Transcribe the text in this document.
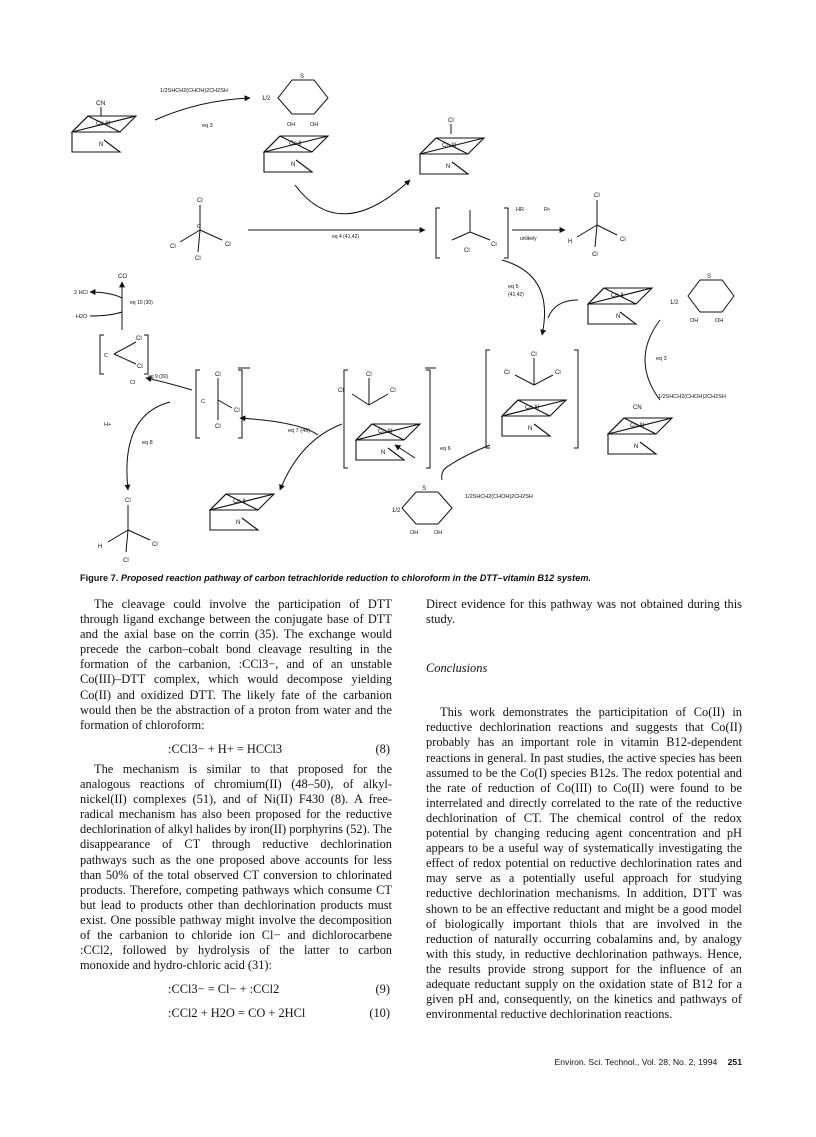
CN
Co III
N
1/2SHCH2(CHOH)2CH2SH
eq 3
1/2
S
OH	OH
Co II
N
Cl
Co III
N
Cl
Cl	Cl
Cl
C
eq 4 (41,42)
Cl
Cl
HR	R•
unlikely
Cl
H	Cl
Cl
eq 5
(41,42)	Co II
N
1/2
S
OH	OH
eq 3
1/2SHCH2(CHOH)2CH2SH
CN
Co III
N
Cl
Cl	Cl
Co III
N
eq 6
1/2SHCH2(CHOH)2CH2SH
1/2
S
OH	OH
Cl
Cl	Cl
Co III
N
eq 7 (49)
Co II
N
Cl
Cl
Cl
C
Cl
eq 9 (30)
Cl
Cl
C
CO
eq 10 (30)
2 HCl
H2O
H+
eq 8
Cl
H	Cl
Cl
Figure 7. Proposed reaction pathway of carbon tetrachloride reduction to chloroform in the DTT–vitamin B12 system.

The cleavage could involve the participation of DTT through ligand exchange between the conjugate base of DTT and the axial base on the corrin (35). The exchange would precede the carbon–cobalt bond cleavage resulting in the formation of the carbanion, :CCl3−, and of an unstable Co(III)–DTT complex, which would decompose yielding Co(II) and oxidized DTT. The likely fate of the carbanion would then be the abstraction of a proton from water and the formation of chloroform:

:CCl3− + H+ = HCCl3	(8)

The mechanism is similar to that proposed for the analogous reactions of chromium(II) (48–50), of alkyl-nickel(II) complexes (51), and of Ni(II) F430 (8). A free-radical mechanism has also been proposed for the reductive dechlorination of alkyl halides by iron(II) porphyrins (52). The disappearance of CT through reductive dechlorination pathways such as the one proposed above accounts for less than 50% of the total observed CT conversion to chlorinated products. Therefore, competing pathways which consume CT but lead to products other than dechlorination products must exist. One possible pathway might involve the decomposition of the carbanion to chloride ion Cl− and dichlorocarbene :CCl2, followed by hydrolysis of the latter to carbon monoxide and hydro-chloric acid (31):

:CCl3− = Cl− + :CCl2	(9)
:CCl2 + H2O = CO + 2HCl	(10)

Direct evidence for this pathway was not obtained during this study.

Conclusions

This work demonstrates the participitation of Co(II) in reductive dechlorination reactions and suggests that Co(II) probably has an important role in vitamin B12-dependent reactions in general. In past studies, the active species has been assumed to be the Co(I) species B12s. The redox potential and the rate of reduction of Co(III) to Co(II) were found to be interrelated and directly correlated to the rate of the reductive dechlorination of CT. The chemical control of the redox potential by changing reducing agent concentration and pH appears to be a useful way of systematically investigating the effect of redox potential on reductive dechlorination rates and may serve as a potentially useful approach for studying reductive dechlorination mechanisms. In addition, DTT was shown to be an effective reductant and might be a good model of biologically important thiols that are involved in the reduction of naturally occurring cobalamins and, by analogy with this study, in reductive dechlorination pathways. Hence, the results provide strong support for the influence of an adequate reductant supply on the oxidation state of B12 for a given pH and, consequently, on the kinetics and pathways of environmental reductive dechlorination reactions.

Environ. Sci. Technol., Vol. 28, No. 2, 1994 251
